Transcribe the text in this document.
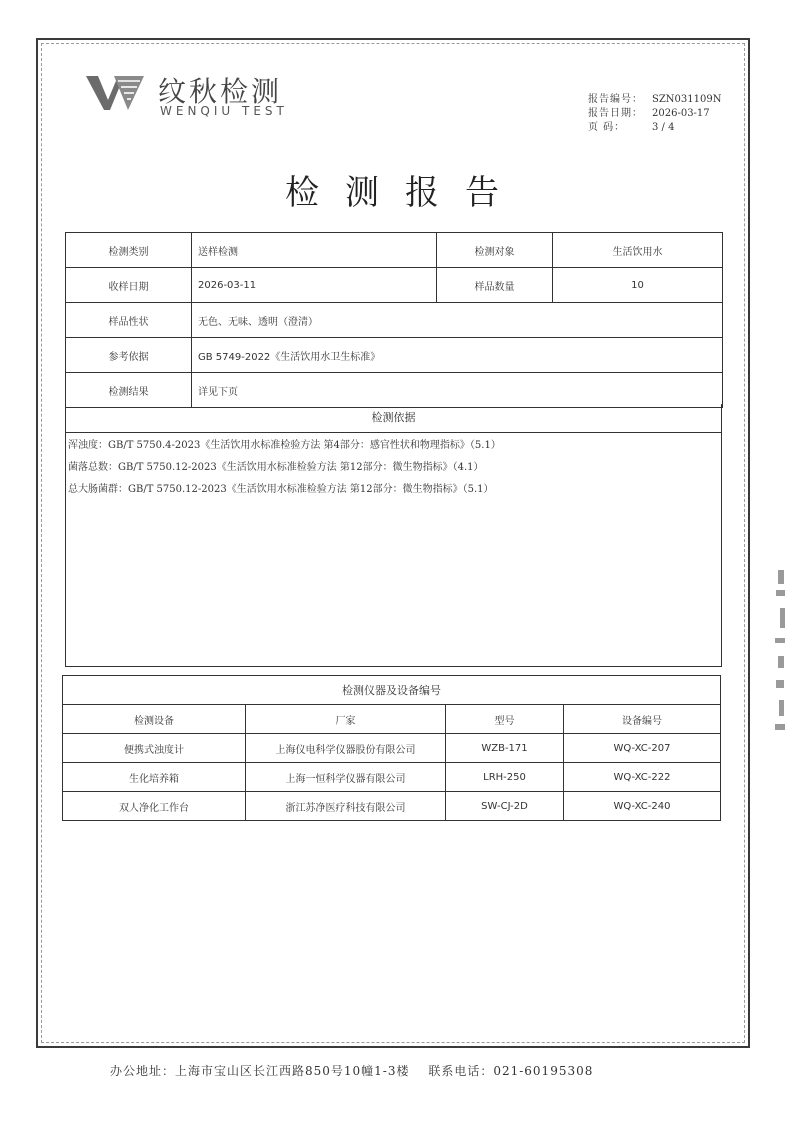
纹秋检测
WENQIU TEST
报告编号： SZN031109N
报告日期： 2026-03-17
页 码：	3 / 4
检测报告
检测类别	送样检测	检测对象	生活饮用水
收样日期	2026-03-11	样品数量	10
样品性状	无色、无味、透明（澄清）		
参考依据	GB 5749-2022《生活饮用水卫生标准》		
检测结果	详见下页		
检测依据
浑浊度：GB/T 5750.4-2023《生活饮用水标准检验方法 第4部分：感官性状和物理指标》（5.1）
菌落总数：GB/T 5750.12-2023《生活饮用水标准检验方法 第12部分：微生物指标》（4.1）
总大肠菌群：GB/T 5750.12-2023《生活饮用水标准检验方法 第12部分：微生物指标》（5.1）
检测仪器及设备编号			
检测设备	厂家	型号	设备编号
便携式浊度计	上海仪电科学仪器股份有限公司	WZB-171	WQ-XC-207
生化培养箱	上海一恒科学仪器有限公司	LRH-250	WQ-XC-222
双人净化工作台	浙江苏净医疗科技有限公司	SW-CJ-2D	WQ-XC-240
办公地址：上海市宝山区长江西路850号10幢1-3楼 联系电话：021-60195308
